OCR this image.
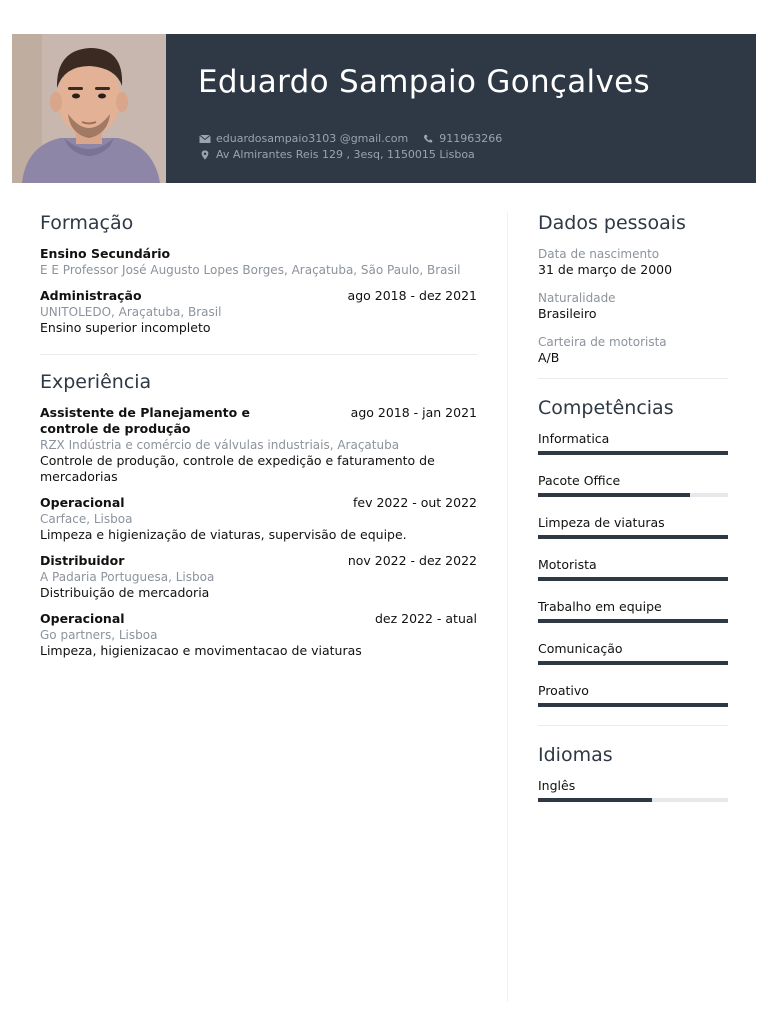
Eduardo Sampaio Gonçalves
eduardosampaio3103 @gmail.com	911963266
Av Almirantes Reis 129 , 3esq, 1150015 Lisboa
Formação
Ensino Secundário
E E Professor José Augusto Lopes Borges, Araçatuba, São Paulo, Brasil
Administração	ago 2018 - dez 2021
UNITOLEDO, Araçatuba, Brasil
Ensino superior incompleto
Experiência
Assistente de Planejamento e controle de produção
ago 2018 - jan 2021
RZX Indústria e comércio de válvulas industriais, Araçatuba
Controle de produção, controle de expedição e faturamento de mercadorias
Operacional	fev 2022 - out 2022
Carface, Lisboa
Limpeza e higienização de viaturas, supervisão de equipe.
Distribuidor	nov 2022 - dez 2022
A Padaria Portuguesa, Lisboa
Distribuição de mercadoria
Operacional	dez 2022 - atual
Go partners, Lisboa
Limpeza, higienizacao e movimentacao de viaturas
Dados pessoais
Data de nascimento
31 de março de 2000
Naturalidade
Brasileiro
Carteira de motorista
A/B
Competências
Informatica
Pacote Office
Limpeza de viaturas
Motorista
Trabalho em equipe
Comunicação
Proativo
Idiomas
Inglês
